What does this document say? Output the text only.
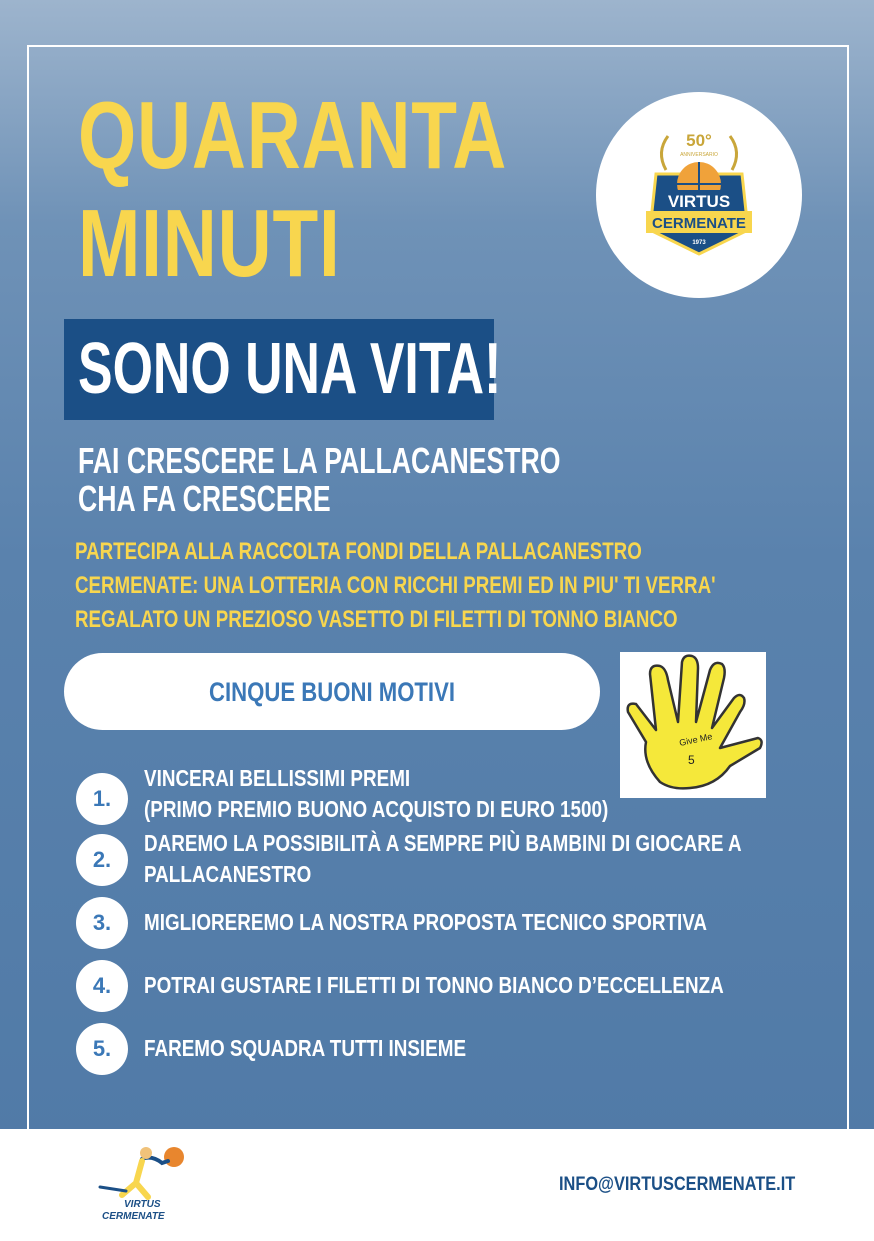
QUARANTA
MINUTI
50°
ANNIVERSARIO
VIRTUS
CERMENATE
1973
SONO UNA VITA!
FAI CRESCERE LA PALLACANESTRO
CHA FA CRESCERE
PARTECIPA ALLA RACCOLTA FONDI DELLA PALLACANESTRO
CERMENATE: UNA LOTTERIA CON RICCHI PREMI ED IN PIU' TI VERRA'
REGALATO UN PREZIOSO VASETTO DI FILETTI DI TONNO BIANCO
CINQUE BUONI MOTIVI
Give Me
5
1.
VINCERAI BELLISSIMI PREMI
(PRIMO PREMIO BUONO ACQUISTO DI EURO 1500)
2.
DAREMO LA POSSIBILITÀ A SEMPRE PIÙ BAMBINI DI GIOCARE A
PALLACANESTRO
3.	MIGLIOREREMO LA NOSTRA PROPOSTA TECNICO SPORTIVA
4.	POTRAI GUSTARE I FILETTI DI TONNO BIANCO D’ECCELLENZA
5.	FAREMO SQUADRA TUTTI INSIEME
VIRTUS
CERMENATE
INFO@VIRTUSCERMENATE.IT
